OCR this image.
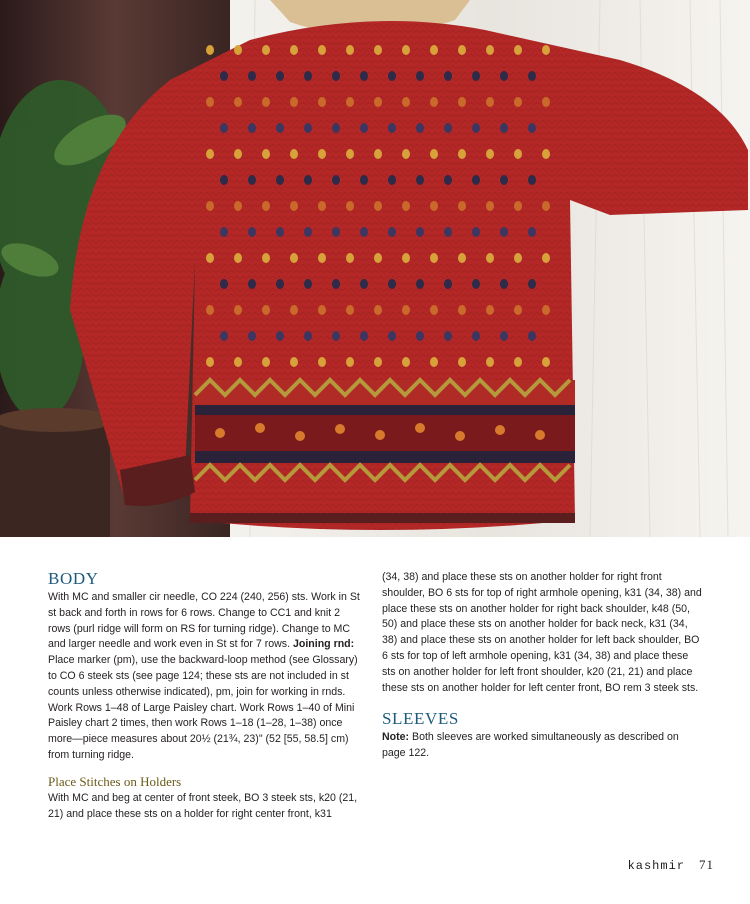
BODY

With MC and smaller cir needle, CO 224 (240, 256) sts. Work in St st back and forth in rows for 6 rows. Change to CC1 and knit 2 rows (purl ridge will form on RS for turning ridge). Change to MC and larger needle and work even in St st for 7 rows. Joining rnd: Place marker (pm), use the backward-loop method (see Glossary) to CO 6 steek sts (see page 124; these sts are not included in st counts unless otherwise indicated), pm, join for working in rnds. Work Rows 1–48 of Large Paisley chart. Work Rows 1–40 of Mini Paisley chart 2 times, then work Rows 1–18 (1–28, 1–38) once more—piece measures about 20½ (21¾, 23)" (52 [55, 58.5] cm) from turning ridge.

Place Stitches on Holders

With MC and beg at center of front steek, BO 3 steek sts, k20 (21, 21) and place these sts on a holder for right center front, k31

(34, 38) and place these sts on another holder for right front shoulder, BO 6 sts for top of right armhole opening, k31 (34, 38) and place these sts on another holder for right back shoulder, k48 (50, 50) and place these sts on another holder for back neck, k31 (34, 38) and place these sts on another holder for left back shoulder, BO 6 sts for top of left armhole opening, k31 (34, 38) and place these sts on another holder for left front shoulder, k20 (21, 21) and place these sts on another holder for left center front, BO rem 3 steek sts.

SLEEVES

Note: Both sleeves are worked simultaneously as described on page 122.

kashmir 71
